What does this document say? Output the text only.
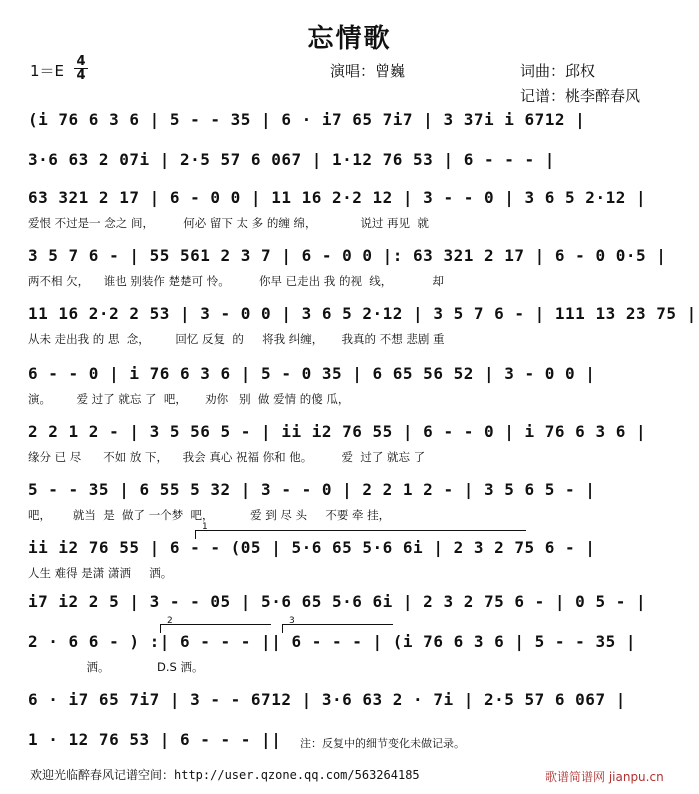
忘情歌
1＝E
4
4	演唱：曾巍	词曲：邱权
记谱：桃李醉春风
(i 76 6 3 6 | 5 - - 35 | 6 · i7 65 7i7 | 3 37i i 6712 |
3·6 63 2 07i | 2·5 57 6 067 | 1·12 76 53 | 6 - - - |
63 321 2 17 | 6 - 0 0 | 11 16 2·2 12 | 3 - - 0 | 3 6 5 2·12 |
爱恨 不过是一 念之 间，        何必 留下 太 多 的缠 绵，            说过 再见  就
3 5 7 6 - | 55 561 2 3 7 | 6 - 0 0 |: 63 321 2 17 | 6 - 0 0·5 |
两不相 欠，    谁也 别装作 楚楚可 怜。        你早 已走出 我 的视  线，           却
11 16 2·2 2 53 | 3 - 0 0 | 3 6 5 2·12 | 3 5 7 6 - | 111 13 23 75 |
从未 走出我 的 思  念，       回忆 反复  的     将我 纠缠，     我真的 不想 悲剧 重
6 - - 0 | i 76 6 3 6 | 5 - 0 35 | 6 65 56 52 | 3 - 0 0 |
演。       爱 过了 就忘 了  吧，     劝你   别  做 爱情 的傻 瓜，
2 2 1 2 - | 3 5 56 5 - | ii i2 76 55 | 6 - - 0 | i 76 6 3 6 |
缘分 已 尽      不如 放 下，    我会 真心 祝福 你和 他。        爱  过了 就忘 了
5 - - 35 | 6 55 5 32 | 3 - - 0 | 2 2 1 2 - | 3 5 6 5 - |
吧，      就当  是  做了 一个梦  吧，          爱 到 尽 头     不要 牵 挂，
ii i2 76 55 | 6 - - (05 | 5·6 65 5·6 6i | 2 3 2 75 6 - |
人生 难得 是潇 潇洒     洒。
i7 i2 2 5 | 3 - - 05 | 5·6 65 5·6 6i | 2 3 2 75 6 - | 0 5 - |
2 · 6 6 - ) :| 6 - - - || 6 - - - | (i 76 6 3 6 | 5 - - 35 |
洒。             D.S 洒。
6 · i7 65 7i7 | 3 - - 6712 | 3·6 63 2 · 7i | 2·5 57 6 067 |
1 · 12 76 53 | 6 - - - ||
1
2	3
注：反复中的细节变化未做记录。
欢迎光临醉春风记谱空间：http://user.qzone.qq.com/563264185	歌谱简谱网 jianpu.cn
